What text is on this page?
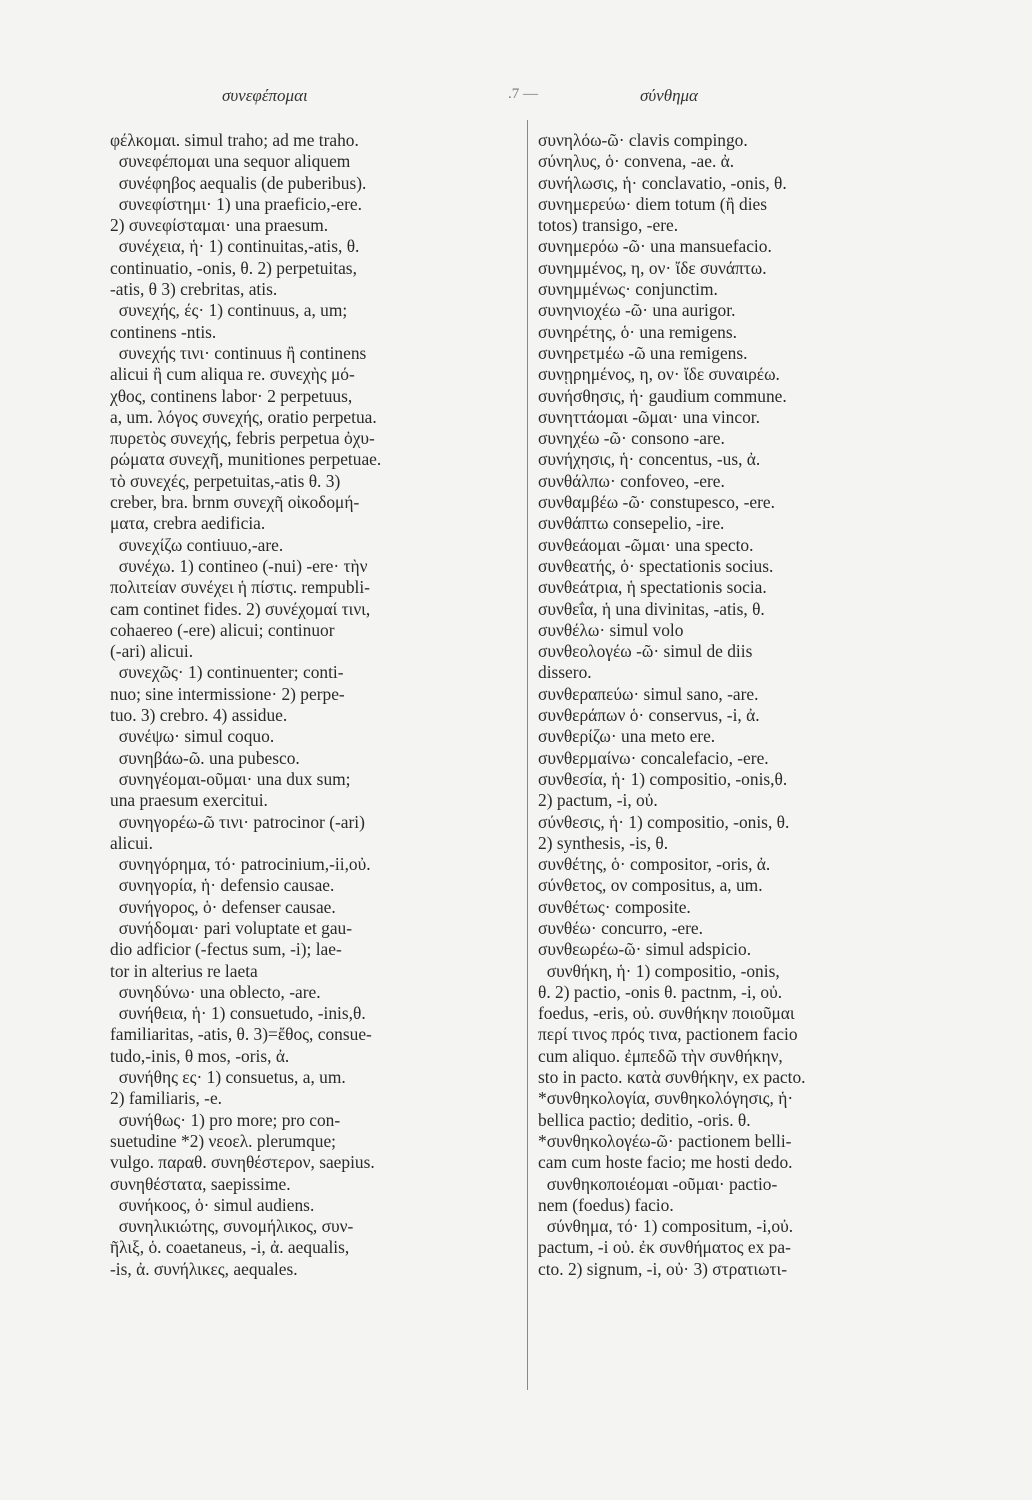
συνεφέπομαι	.7 —	σύνθημα
φέλκομαι. simul traho; ad me traho.
συνεφέπομαι una sequor aliquem
συνέφηβος aequalis (de puberibus).
συνεφίστημι· 1) una praeficio,-ere.
2) συνεφίσταμαι· una praesum.
συνέχεια, ἡ· 1) continuitas,-atis, θ.
continuatio, -onis, θ. 2) perpetuitas,
-atis, θ 3) crebritas, atis.
συνεχής, ές· 1) continuus, a, um;
continens -ntis.
συνεχής τινι· continuus ἢ continens
alicui ἢ cum aliqua re. συνεχὴς μό-
χθος, continens labor· 2 perpetuus,
a, um. λόγος συνεχής, oratio perpetua.
πυρετὸς συνεχής, febris perpetua ὀχυ-
ρώματα συνεχῆ, munitiones perpetuae.
τὸ συνεχές, perpetuitas,-atis θ. 3)
creber, bra. brnm συνεχῆ οἰκοδομή-
ματα, crebra aedificia.
συνεχίζω contiuuo,-are.
συνέχω. 1) contineo (-nui) -ere· τὴν
πολιτείαν συνέχει ἡ πίστις. rempubli-
cam continet fides. 2) συνέχομαί τινι,
cohaereo (-ere) alicui; continuor
(-ari) alicui.
συνεχῶς· 1) continuenter; conti-
nuo; sine intermissione· 2) perpe-
tuo. 3) crebro. 4) assidue.
συνέψω· simul coquo.
συνηβάω-ῶ. una pubesco.
συνηγέομαι-οῦμαι· una dux sum;
una praesum exercitui.
συνηγορέω-ῶ τινι· patrocinor (-ari)
alicui.
συνηγόρημα, τό· patrocinium,-ii,οὐ.
συνηγορία, ἡ· defensio causae.
συνήγορος, ὁ· defenser causae.
συνήδομαι· pari voluptate et gau-
dio adficior (-fectus sum, -i); lae-
tor in alterius re laeta
συνηδύνω· una oblecto, -are.
συνήθεια, ἡ· 1) consuetudo, -inis,θ.
familiaritas, -atis, θ. 3)=ἔθος, consue-
tudo,-inis, θ mos, -oris, ἀ.
συνήθης ες· 1) consuetus, a, um.
2) familiaris, -e.
συνήθως· 1) pro more; pro con-
suetudine *2) νεοελ. plerumque;
vulgo. παραθ. συνηθέστερον, saepius.
συνηθέστατα, saepissime.
συνήκοος, ὁ· simul audiens.
συνηλικιώτης, συνομήλικος, συν-
ῆλιξ, ὁ. coaetaneus, -i, ἀ. aequalis,
-is, ἀ. συνήλικες, aequales.
συνηλόω-ῶ· clavis compingo.
σύνηλυς, ὁ· convena, -ae. ἀ.
συνήλωσις, ἡ· conclavatio, -onis, θ.
συνημερεύω· diem totum (ἢ dies
totos) transigo, -ere.
συνημερόω -ῶ· una mansuefacio.
συνημμένος, η, ον· ἴδε συνάπτω.
συνημμένως· conjunctim.
συνηνιοχέω -ῶ· una aurigor.
συνηρέτης, ὁ· una remigens.
συνηρετμέω -ῶ una remigens.
συνῃρημένος, η, ον· ἴδε συναιρέω.
συνήσθησις, ἡ· gaudium commune.
συνηττάομαι -ῶμαι· una vincor.
συνηχέω -ῶ· consono -are.
συνήχησις, ἡ· concentus, -us, ἀ.
συνθάλπω· confoveo, -ere.
συνθαμβέω -ῶ· constupesco, -ere.
συνθάπτω consepelio, -ire.
συνθεάομαι -ῶμαι· una specto.
συνθεατής, ὁ· spectationis socius.
συνθεάτρια, ἡ spectationis socia.
συνθεΐα, ἡ una divinitas, -atis, θ.
συνθέλω· simul volo
συνθεολογέω -ῶ· simul de diis
dissero.
συνθεραπεύω· simul sano, -are.
συνθεράπων ὁ· conservus, -i, ἀ.
συνθερίζω· una meto ere.
συνθερμαίνω· concalefacio, -ere.
συνθεσία, ἡ· 1) compositio, -onis,θ.
2) pactum, -i, οὐ.
σύνθεσις, ἡ· 1) compositio, -onis, θ.
2) synthesis, -is, θ.
συνθέτης, ὁ· compositor, -oris, ἀ.
σύνθετος, ον compositus, a, um.
συνθέτως· composite.
συνθέω· concurro, -ere.
συνθεωρέω-ῶ· simul adspicio.
συνθήκη, ἡ· 1) compositio, -onis,
θ. 2) pactio, -onis θ. pactnm, -i, οὐ.
foedus, -eris, οὐ. συνθήκην ποιοῦμαι
περί τινος πρός τινα, pactionem facio
cum aliquo. ἐμπεδῶ τὴν συνθήκην,
sto in pacto. κατὰ συνθήκην, ex pacto.
*συνθηκολογία, συνθηκολόγησις, ἡ·
bellica pactio; deditio, -oris. θ.
*συνθηκολογέω-ῶ· pactionem belli-
cam cum hoste facio; me hosti dedo.
συνθηκοποιέομαι -οῦμαι· pactio-
nem (foedus) facio.
σύνθημα, τό· 1) compositum, -i,οὐ.
pactum, -i οὐ. ἐκ συνθήματος ex pa-
cto. 2) signum, -i, οὐ· 3) στρατιωτι-
